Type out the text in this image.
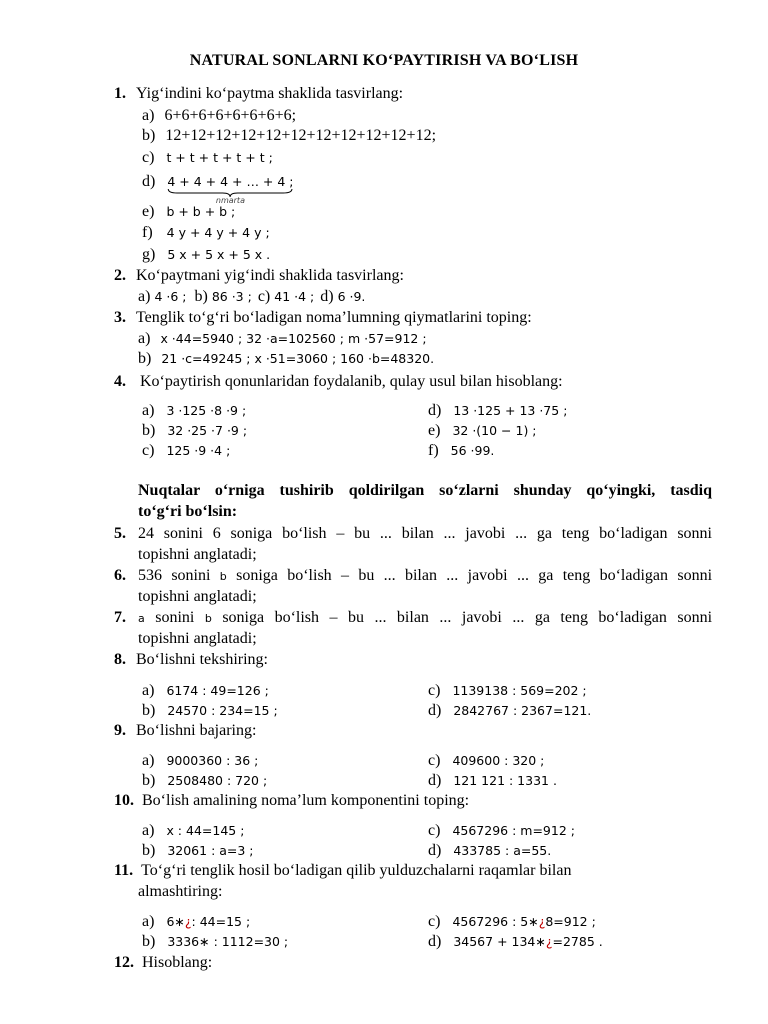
NATURAL SONLARNI KO‘PAYTIRISH VA BO‘LISH
1. Yig‘indini ko‘paytma shaklida tasvirlang:
a) 6+6+6+6+6+6+6+6;
b) 12+12+12+12+12+12+12+12+12+12+12;
c) t + t + t + t + t ;
d) 4 + 4 + 4 + … + 4 ;
nmarta
e) b + b + b ;
f) 4 y + 4 y + 4 y ;
g) 5 x + 5 x + 5 x .
2. Ko‘paytmani yig‘indi shaklida tasvirlang:
a) 4 ·6 ; b) 86 ·3 ; c) 41 ·4 ; d) 6 ·9.
3. Tenglik to‘g‘ri bo‘ladigan noma’lumning qiymatlarini toping:
a) x ·44=5940 ; 32 ·a=102560 ; m ·57=912 ;
b) 21 ·c=49245 ; x ·51=3060 ; 160 ·b=48320.
4. Ko‘paytirish qonunlaridan foydalanib, qulay usul bilan hisoblang:
a) 3 ·125 ·8 ·9 ;
b) 32 ·25 ·7 ·9 ;
c) 125 ·9 ·4 ;
d) 13 ·125 + 13 ·75 ;
e) 32 ·(10 − 1) ;
f) 56 ·99.
Nuqtalar o‘rniga tushirib qoldirilgan so‘zlarni shunday qo‘yingki, tasdiq
to‘g‘ri bo‘lsin:
5. 24 sonini 6 soniga bo‘lish – bu ... bilan ... javobi ... ga teng bo‘ladigan sonni
topishni anglatadi;
6. 536 sonini b soniga bo‘lish – bu ... bilan ... javobi ... ga teng bo‘ladigan sonni
topishni anglatadi;
7. a sonini b soniga bo‘lish – bu ... bilan ... javobi ... ga teng bo‘ladigan sonni
topishni anglatadi;
8. Bo‘lishni tekshiring:
a) 6174 : 49=126 ;
b) 24570 : 234=15 ;
c) 1139138 : 569=202 ;
d) 2842767 : 2367=121.
9. Bo‘lishni bajaring:
a) 9000360 : 36 ;
b) 2508480 : 720 ;
c) 409600 : 320 ;
d) 121 121 : 1331 .
10. Bo‘lish amalining noma’lum komponentini toping:
a) x : 44=145 ;
b) 32061 : a=3 ;
c) 4567296 : m=912 ;
d) 433785 : a=55.
11. To‘g‘ri tenglik hosil bo‘ladigan qilib yulduzchalarni raqamlar bilan
almashtiring:
a) 6∗¿: 44=15 ;
b) 3336∗ : 1112=30 ;
c) 4567296 : 5∗¿8=912 ;
d) 34567 + 134∗¿=2785 .
12. Hisoblang:
